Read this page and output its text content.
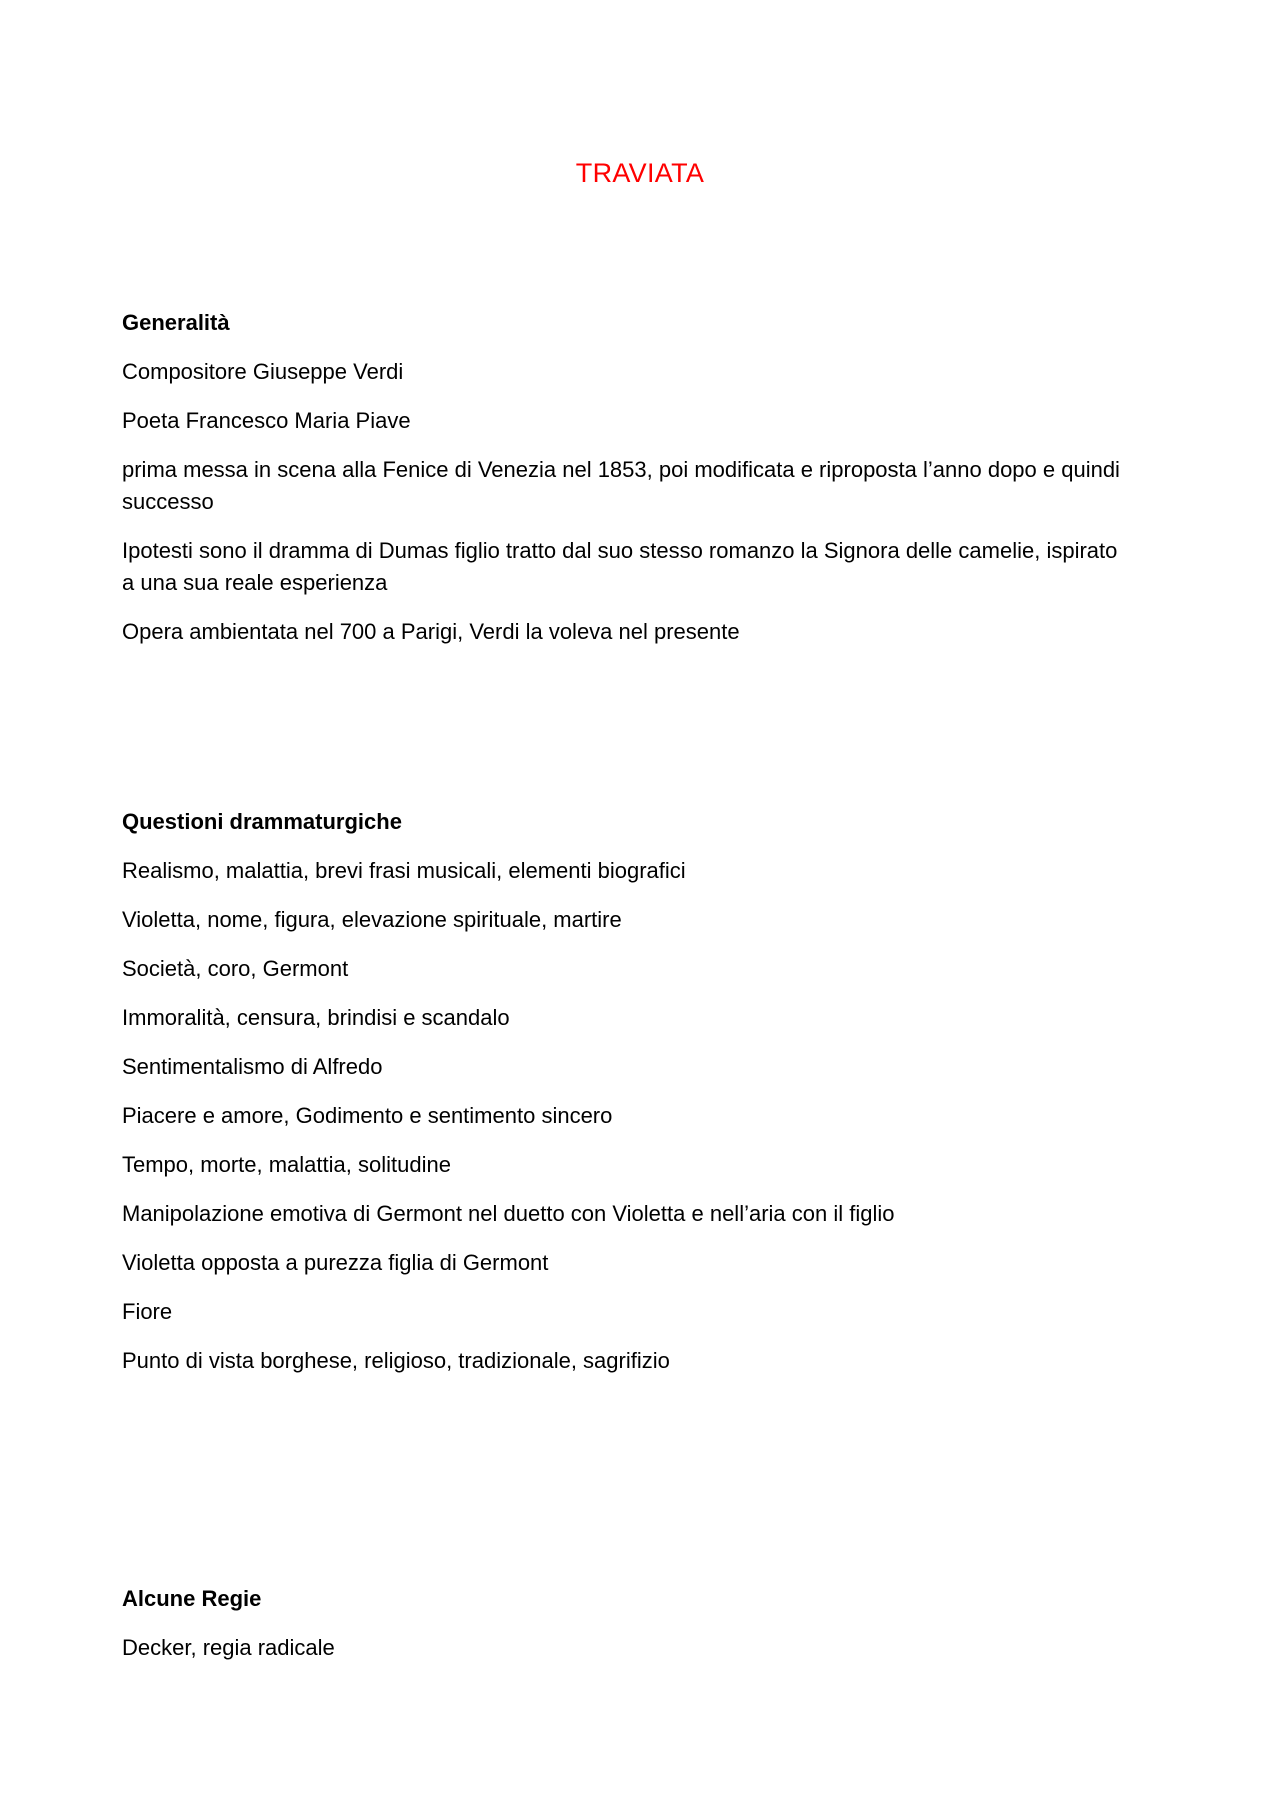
TRAVIATA
Generalità
Compositore Giuseppe Verdi
Poeta Francesco Maria Piave
prima messa in scena alla Fenice di Venezia nel 1853, poi modificata e riproposta l’anno dopo e quindi successo
Ipotesti sono il dramma di Dumas figlio tratto dal suo stesso romanzo la Signora delle camelie, ispirato a una sua reale esperienza
Opera ambientata nel 700 a Parigi, Verdi la voleva nel presente
Questioni drammaturgiche
Realismo, malattia, brevi frasi musicali, elementi biografici
Violetta, nome, figura, elevazione spirituale, martire
Società, coro, Germont
Immoralità, censura, brindisi e scandalo
Sentimentalismo di Alfredo
Piacere e amore, Godimento e sentimento sincero
Tempo, morte, malattia, solitudine
Manipolazione emotiva di Germont nel duetto con Violetta e nell’aria con il figlio
Violetta opposta a purezza figlia di Germont
Fiore
Punto di vista borghese, religioso, tradizionale, sagrifizio
Alcune Regie
Decker, regia radicale
